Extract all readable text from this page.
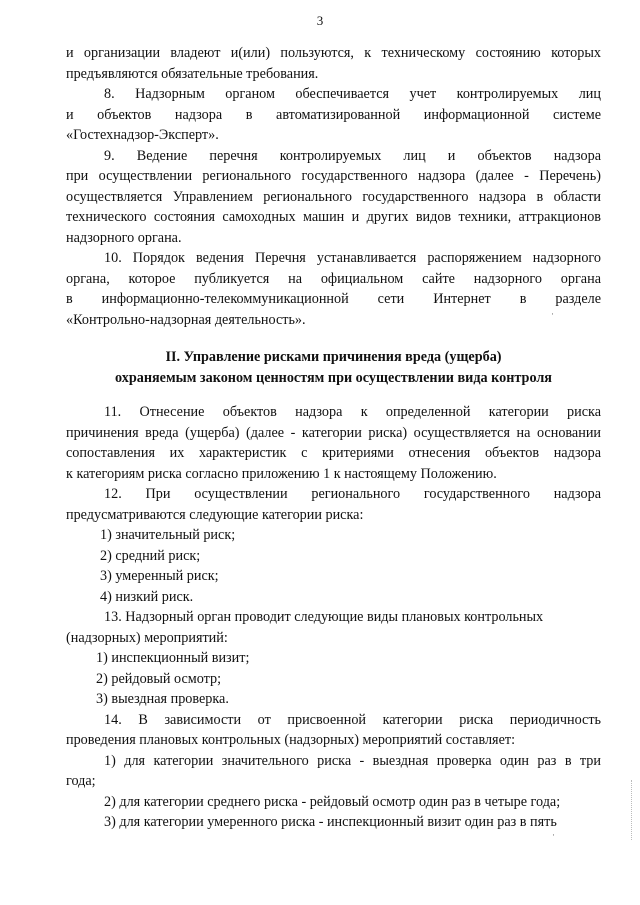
3

и организации владеют и(или) пользуются, к техническому состоянию которых

предъявляются обязательные требования.

8. Надзорным органом обеспечивается учет контролируемых лиц

и объектов надзора в автоматизированной информационной системе

«Гостехнадзор-Эксперт».

9. Ведение перечня контролируемых лиц и объектов надзора

при осуществлении регионального государственного надзора (далее - Перечень)

осуществляется Управлением регионального государственного надзора в области

технического состояния самоходных машин и других видов техники, аттракционов

надзорного органа.

10. Порядок ведения Перечня устанавливается распоряжением надзорного

органа, которое публикуется на официальном сайте надзорного органа

в информационно-телекоммуникационной сети Интернет в разделе

«Контрольно-надзорная деятельность».

II. Управление рисками причинения вреда (ущерба)

охраняемым законом ценностям при осуществлении вида контроля

11. Отнесение объектов надзора к определенной категории риска

причинения вреда (ущерба) (далее - категории риска) осуществляется на основании

сопоставления их характеристик с критериями отнесения объектов надзора

к категориям риска согласно приложению 1 к настоящему Положению.

12. При осуществлении регионального государственного надзора

предусматриваются следующие категории риска:

1) значительный риск;

2) средний риск;

3) умеренный риск;

4) низкий риск.

13. Надзорный орган проводит следующие виды плановых контрольных

(надзорных) мероприятий:

1) инспекционный визит;

2) рейдовый осмотр;

3) выездная проверка.

14. В зависимости от присвоенной категории риска периодичность

проведения плановых контрольных (надзорных) мероприятий составляет:

1) для категории значительного риска - выездная проверка один раз в три

года;

2) для категории среднего риска - рейдовый осмотр один раз в четыре года;

3) для категории умеренного риска - инспекционный визит один раз в пять

·
·
